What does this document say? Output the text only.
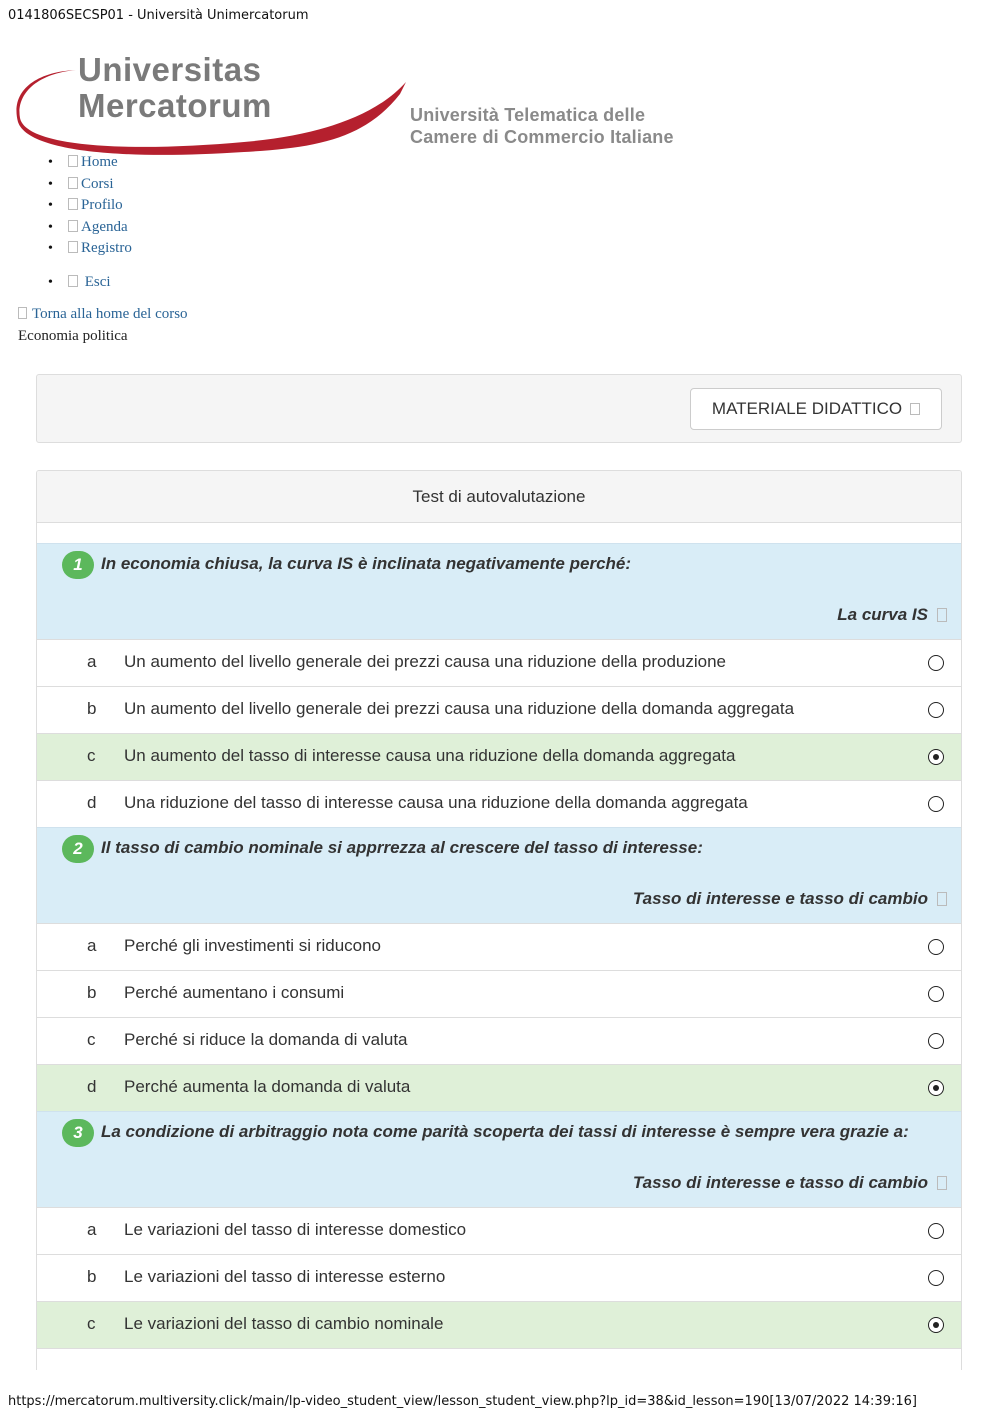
0141806SECSP01 - Università Unimercatorum
Universitas
Mercatorum	Università Telematica delle
Camere di Commercio Italiane
• Home
• Corsi
• Profilo
• Agenda
• Registro
• Esci
Torna alla home del corso
Economia politica
MATERIALE DIDATTICO
Test di autovalutazione
1	In economia chiusa, la curva IS è inclinata negativamente perché:
La curva IS
a Un aumento del livello generale dei prezzi causa una riduzione della produzione
b Un aumento del livello generale dei prezzi causa una riduzione della domanda aggregata
c Un aumento del tasso di interesse causa una riduzione della domanda aggregata
d Una riduzione del tasso di interesse causa una riduzione della domanda aggregata
2	Il tasso di cambio nominale si apprrezza al crescere del tasso di interesse:
Tasso di interesse e tasso di cambio
a Perché gli investimenti si riducono
b Perché aumentano i consumi
c Perché si riduce la domanda di valuta
d Perché aumenta la domanda di valuta
3	La condizione di arbitraggio nota come parità scoperta dei tassi di interesse è sempre vera grazie a:
Tasso di interesse e tasso di cambio
a Le variazioni del tasso di interesse domestico
b Le variazioni del tasso di interesse esterno
c Le variazioni del tasso di cambio nominale
https://mercatorum.multiversity.click/main/lp-video_student_view/lesson_student_view.php?lp_id=38&id_lesson=190[13/07/2022 14:39:16]
